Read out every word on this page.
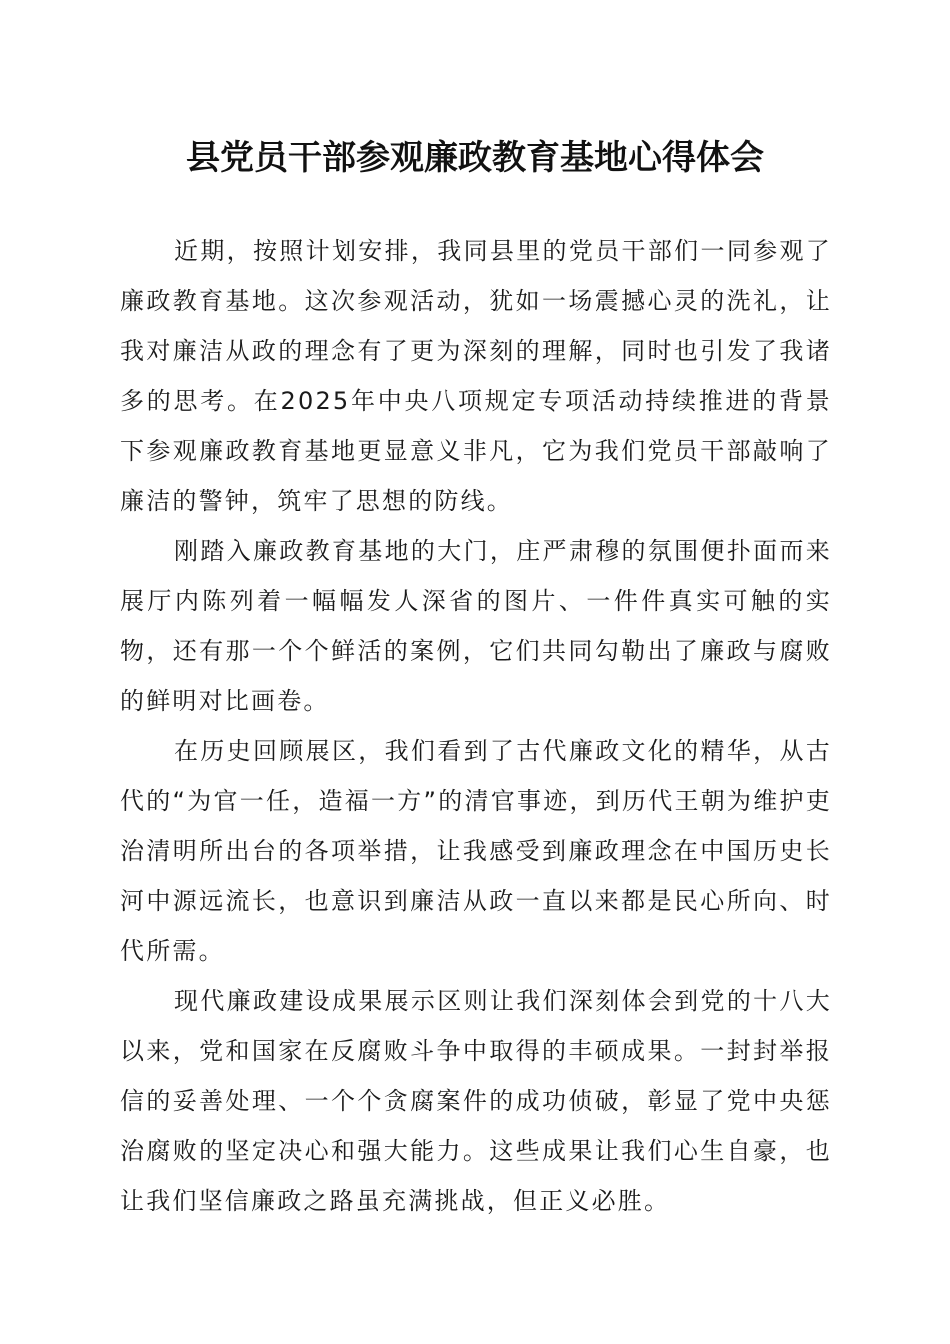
县党员干部参观廉政教育基地心得体会

近期，按照计划安排，我同县里的党员干部们一同参观了廉政教育基地。这次参观活动，犹如一场震撼心灵的洗礼，让我对廉洁从政的理念有了更为深刻的理解，同时也引发了我诸多的思考。在2025年中央八项规定专项活动持续推进的背景下参观廉政教育基地更显意义非凡，它为我们党员干部敲响了廉洁的警钟，筑牢了思想的防线。

刚踏入廉政教育基地的大门，庄严肃穆的氛围便扑面而来展厅内陈列着一幅幅发人深省的图片、一件件真实可触的实物，还有那一个个鲜活的案例，它们共同勾勒出了廉政与腐败的鲜明对比画卷。

在历史回顾展区，我们看到了古代廉政文化的精华，从古代的“为官一任，造福一方”的清官事迹，到历代王朝为维护吏治清明所出台的各项举措，让我感受到廉政理念在中国历史长河中源远流长，也意识到廉洁从政一直以来都是民心所向、时代所需。

现代廉政建设成果展示区则让我们深刻体会到党的十八大以来，党和国家在反腐败斗争中取得的丰硕成果。一封封举报信的妥善处理、一个个贪腐案件的成功侦破，彰显了党中央惩治腐败的坚定决心和强大能力。这些成果让我们心生自豪，也让我们坚信廉政之路虽充满挑战，但正义必胜。
